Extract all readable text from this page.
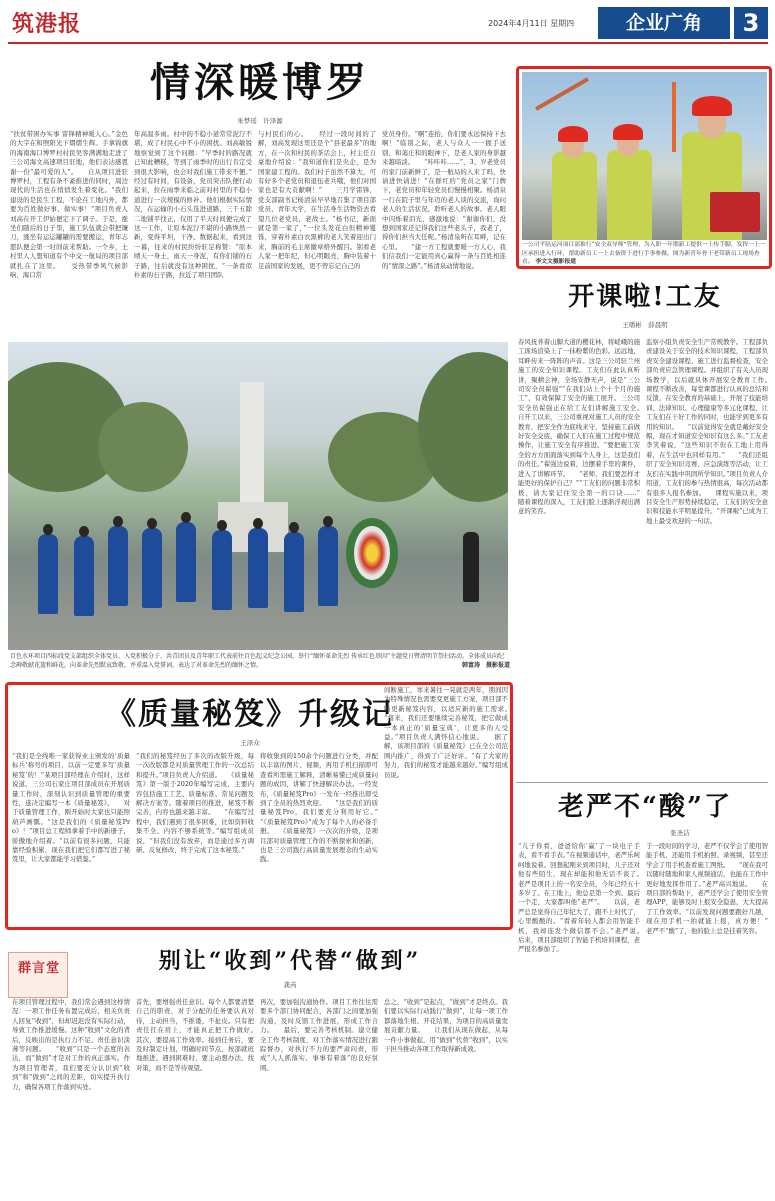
筑港报	2024年4月11日 星期四	企业广角	3
情深暖博罗
朱梦瑶　许泽源
“扶贫带困办实事 雷锋精神暖人心。”金色的大字在和煦阳光下熠熠生辉。手拿锦旗的海南海口博罗村村民吴客满满地走进了三公司海文高速项目驻地，他们表达感恩谢一份“最可爱的人”。　　自从项目进驻博罗村，工程有条不紊推进的同时，周边现代的生活也在悄悄发生着变化。“我们建设的是民生工程，不论在工地内外，都要为百姓做好事、做实事！”项目负责人刘高在开工伊始便定下了调子。于是，涨坐们随后的日子里，施工队伍就会带把镰刀，涨坐有运运罐罐的需要搬运，青年志愿队便会第一时间前来帮助。一个乡，土村里人人想知道有个中交一航局的项目部就扎在了这里。　　受热带季风气候影响，海口常
年高温多雨。村中的不稳小道常常泥泞不堪，成了村民心中不小的困扰。刘高敏锐地察觉到了这个问题：“早季时的路况就已知此糟糕，等到了雨季时的出行肯定受到很大影响，也会对我们施工带来不便。”　　经过有时间，有设备，党员突击队便行动起来，拉在雨季来临之前对村里的不稳小道进行一次规模的修补。他们根据实际情况，在运输的小石头选进道路，三千五除二地铺平找正，仅用了半天时间便完成了这一工作，让原本泥泞不堪的小路焕然一新，变得平坦，干净。数据起来，看到这一幕，往来的村民纷纷驻足称赞：“原本晴天一身土，雨天一身泥，有你们铺的石子路，往后就没有这种困扰，“一条看似朴素的石子路，拉近了项目团队
与村民们的心。　　经过一段时间的了解，刘高发现这里还是个“县老最多”的地方，在一次和村民的茶话会上，村主任自豪地介绍说：“我知道你们是央企，是为国家建工程的。我们村子虽然不算大，可有好多个老党员和退伍老兵哦，他们对国家也是有大贡献啊！”　　三月学雷锋，党支部副书记杨清泉早早地召集了项目部党员、青年大学，在生活身生活物资去看望几位老党员，老战士。“杨书记，新面就是第一家了，”一位头发花白但精神矍铄，穿着朴素白衣黑裤的老人笑着迎出门来，胸前的毛主席徽章格外醒目。别看老人家一把年纪，但心明眼亮，胸中装着十足前国家的发展，更不曾忘记自己的
党员身份。“啊”连抬，你们要永远保持下去啊！”临别之际，老人与众人一一握手送别，和蔼庄和的眼神下，是老人家的身影越来越暗淡。　　“咔咔咔……”，3、岁老党员的家门前新鲜了，是一航局的人来了吗，快请进快请进！”在群红的“党员之家”门牌下，老党员和年轻党员们慢慢相聚。杨清泉一行在院子里与年迈的老人谈的交流，询问老人的生活状况，聆听老人的故事。老人眼中闪烁着泪光，感激地说：“谢谢你们，没想到国家还记得我们这些老头子，我老了，得你们担当大任呢。”杨清泉听在耳畔，记在心里。　　“建一方工程就要暖一方人心，我们信我们一定能用真心赢得一条与百姓相连的“情深之路”。”杨清泉动情地说。
一公司平陆运河项目部推行“安全双导师”管理，为入职一年期新工提供一上传手脚，发挥一上一区承担进入行环，帮助新员工一上去备资于进行手事参做。图为新青年骨干老带新员工现场查看。 李文文摄影报道
开课啦!工友
王璠彬　薛晨明
春风抚荞着山脚大道的樱花林，将嵯峨的施工现场渲染上了一抹粉紫的色彩。远远地，耳畔传来一阵阵的声音。这是三公司驻兰州施工的安全知识课程。工友们在此认真听讲，聚精会神，全场安静无声，说是“三公司安全员翟强”“在我们站上个十个月的施工”，有效保障了安全的施工展开。三公司安全员翟强正在给工友们讲解施工安全。　　自开工以来，三公司重视对施工人员的安全教育，把安全作为底线来守，坚持施工前做好安全交底，确保工人们在施工过程中规范操作，让施工安全有序推进。“要把施工安全的方方面面落实到每个人身上，这是我们的责任。”翟强边说着，边摆着手里的课件，进入了讲解环节。　　“老师，我们要怎样才能更好的保护自己？”“工友们的问题非常积极，请大家记住安全第一的口诀……”　　随着课程的深入，工友们脸上逐渐浮现出满意的笑容。
监察小组负责安全生产常规教学。工程部负责建设关于安全的技术知识课程，工程部负责安全建设课程，施工进行监督检查，安全部负责应急管理课程。并组织了有关人员现场教学，以后就具体开展安全教育工作。　　课程不断改善，每堂课都进行认真的总结和反馈，在安全教育的基础上，开展了技能培训、法律知识、心理健康等多元化课程，让工友们在干好工作的同时，也能学到更多有用的知识。　　“以前觉得安全就是戴好安全帽，现在才知道安全知识有这么多。”工友老李笑着说，“这些知识不但在工地上用得着，在生活中也同样有用。”　　“我们还组织了安全知识竞赛、应急演练等活动，让工友们在实践中巩固所学知识。”项目负责人介绍道，工友们的参与热情很高，每次活动都有很多人报名参加。　　课程实施以来，项目安全生产形势持续稳定，工友们的安全意识和技能水平明显提升。“开课啦”已成为工地上最受欢迎的一句话。
百色水环项目四标段党支部组织全体党员、入党积极分子、共青团员及青年职工代表前往百色起义纪念公园，举行“缅怀革命先烈 传承红色基因”主题党日暨清明节祭扫活动。全体成员向纪念碑敬献花篮和鲜花，向革命先烈默哀致敬，并重温入党誓词，表达了对革命先烈的缅怀之情。	韩富涛　摄影报道
《质量秘笈》升级记
王泽众
“我们是全线唯一家获得业主颁发的‘质量标兵’称号的项目，以前一定要多写‘质量秘笈’的！”某项目部经理在介绍时，这样说道。三公司石家庄项目部成员在开展质量工作时，深刻认识到质量管理的重要性，遂决定编写一本《质量秘笈》。　　对于质量管理工作，刚开始时大家也只能照葫芦画瓢。“这是我们的《质量秘笈Pro》！”项目总工程师拿着手中的新册子，骄傲地介绍着。“以前有很多问题，只能靠经验积累，现在我们把它们都写进了秘笈里，让大家都能学习借鉴。”
“我们的秘笈经历了多次的改版升级，每一次改版都是对质量管理工作的一次总结和提升。”项目负责人介绍道。　　《质量秘笈》第一版于2020年编写完成，主要内容包括施工工艺、质量标准、常见问题及解决方案等。随着项目的推进，秘笈不断完善，内容也越来越丰富。　　“在编写过程中，我们遇到了很多困难，比如资料收集不全、内容不够系统等。”编写组成员说，“但我们没有放弃，而是通过多方调研、反复修改，终于完成了这本秘笈。”
将收集到的150余个问题进行分类，并配以丰富的图片、视频，再用手机扫描即可查看所需施工解释，清晰易懂已成质量问题的成因、讲解了快速解决办法。一经发布，《质量秘笈Pro》一发布一经推出即受到了全员的热烈欢迎。　　“这是我们的质量秘笈Pro，我们要充分利用好它。”　　“《质量秘笈Pro》”成为了每个人的必备手册。　　《质量秘笈》一次次的升级，是项目部对质量管理工作的不断探索和创新，也是三公司践行高质量发展理念的生动实践。
间断施工，寒来暑往一晃就是两年，期间因为特殊情况也需要变更施工方案，项目部不断更新秘笈内容，以适应新的施工需求。　　“将来，我们还要继续完善秘笈，把它做成一本真正的‘质量宝典’，让更多的人受益。”项目负责人满怀信心地说。　　据了解，该项目部的《质量秘笈》已在全公司范围内推广，得到了广泛好评。“有了大家的努力，我们的秘笈才能越来越好。”编写组成员说。
老严不“酸”了
张圣洁
“儿子你看，爸爸给你‘赢’了一块电子手表，看不看手表。”在视频通话中，老严乐呵呵地说着。回想起刚来到项目时，儿子还对他有些陌生，现在却能和他无话不谈了。　　老严是项目上的一名安全员，今年已经五十多岁了。在工地上，他总是第一个到、最后一个走，大家都叫他“老严”。　　以前，老严总是觉得自己年纪大了，跟不上时代了，心里酸酸的。“看着年轻人都会用智能手机，我却连发个微信都不会。”老严说。　　后来，项目部组织了智能手机培训课程，老严报名参加了。
于一段时间的学习，老严不仅学会了使用智能手机，还能用手机拍照、录视频，甚至还学会了用手机查看施工图纸。　　“现在我可以随时随地和家人视频通话，也能在工作中更好地发挥作用了。”老严高兴地说。　　在项目部的帮助下，老严还学会了使用安全管理APP，能够及时上报安全隐患，大大提高了工作效率。“以前发现问题要跑好几趟，现在用手机一拍就能上报，真方便！”　　老严不“酸”了，他的脸上总是挂着笑容。
群言堂	别让“收到”代替“做到”
龚芮
在项目管理过程中，我们常会遇到这样情况：一项工作任务布置完成后，相关负责人回复“收到”，但却迟迟没有实际行动，导致工作推进缓慢。这种“收到”文化的背后，反映出的是执行力不足、责任意识淡薄等问题。　　“收到”只是一个态度的表达，而“做到”才是对工作的真正落实。作为项目管理者，我们要充分认识到“收到”和“做到”之间的差距，切实提升执行力，确保各项工作落到实处。
首先，要增强责任意识。每个人都要清楚自己的职责，对于分配的任务要认真对待，主动担当，不推诿、不扯皮。只有把责任扛在肩上，才能真正把工作做好。　　其次，要提高工作效率。接到任务后，要及时制定计划，明确时间节点，按部就班地推进。遇到困难时，要主动想办法、找对策，而不是等待观望。
再次，要加强沟通协作。项目工作往往需要多个部门协同配合，各部门之间要加强沟通，及时反馈工作进展，形成工作合力。　　最后，要完善考核机制。建立健全工作考核制度，对工作落实情况进行跟踪督办，对执行不力的要严肃问责，形成“人人抓落实、事事有着落”的良好氛围。
总之，“收到”是起点，“做到”才是终点。我们要以实际行动践行“做到”，让每一项工作都落地生根、开花结果，为项目的高质量发展贡献力量。　　让我们从现在做起，从每一件小事做起，用“做到”代替“收到”，以实干担当推动各项工作取得新成效。
